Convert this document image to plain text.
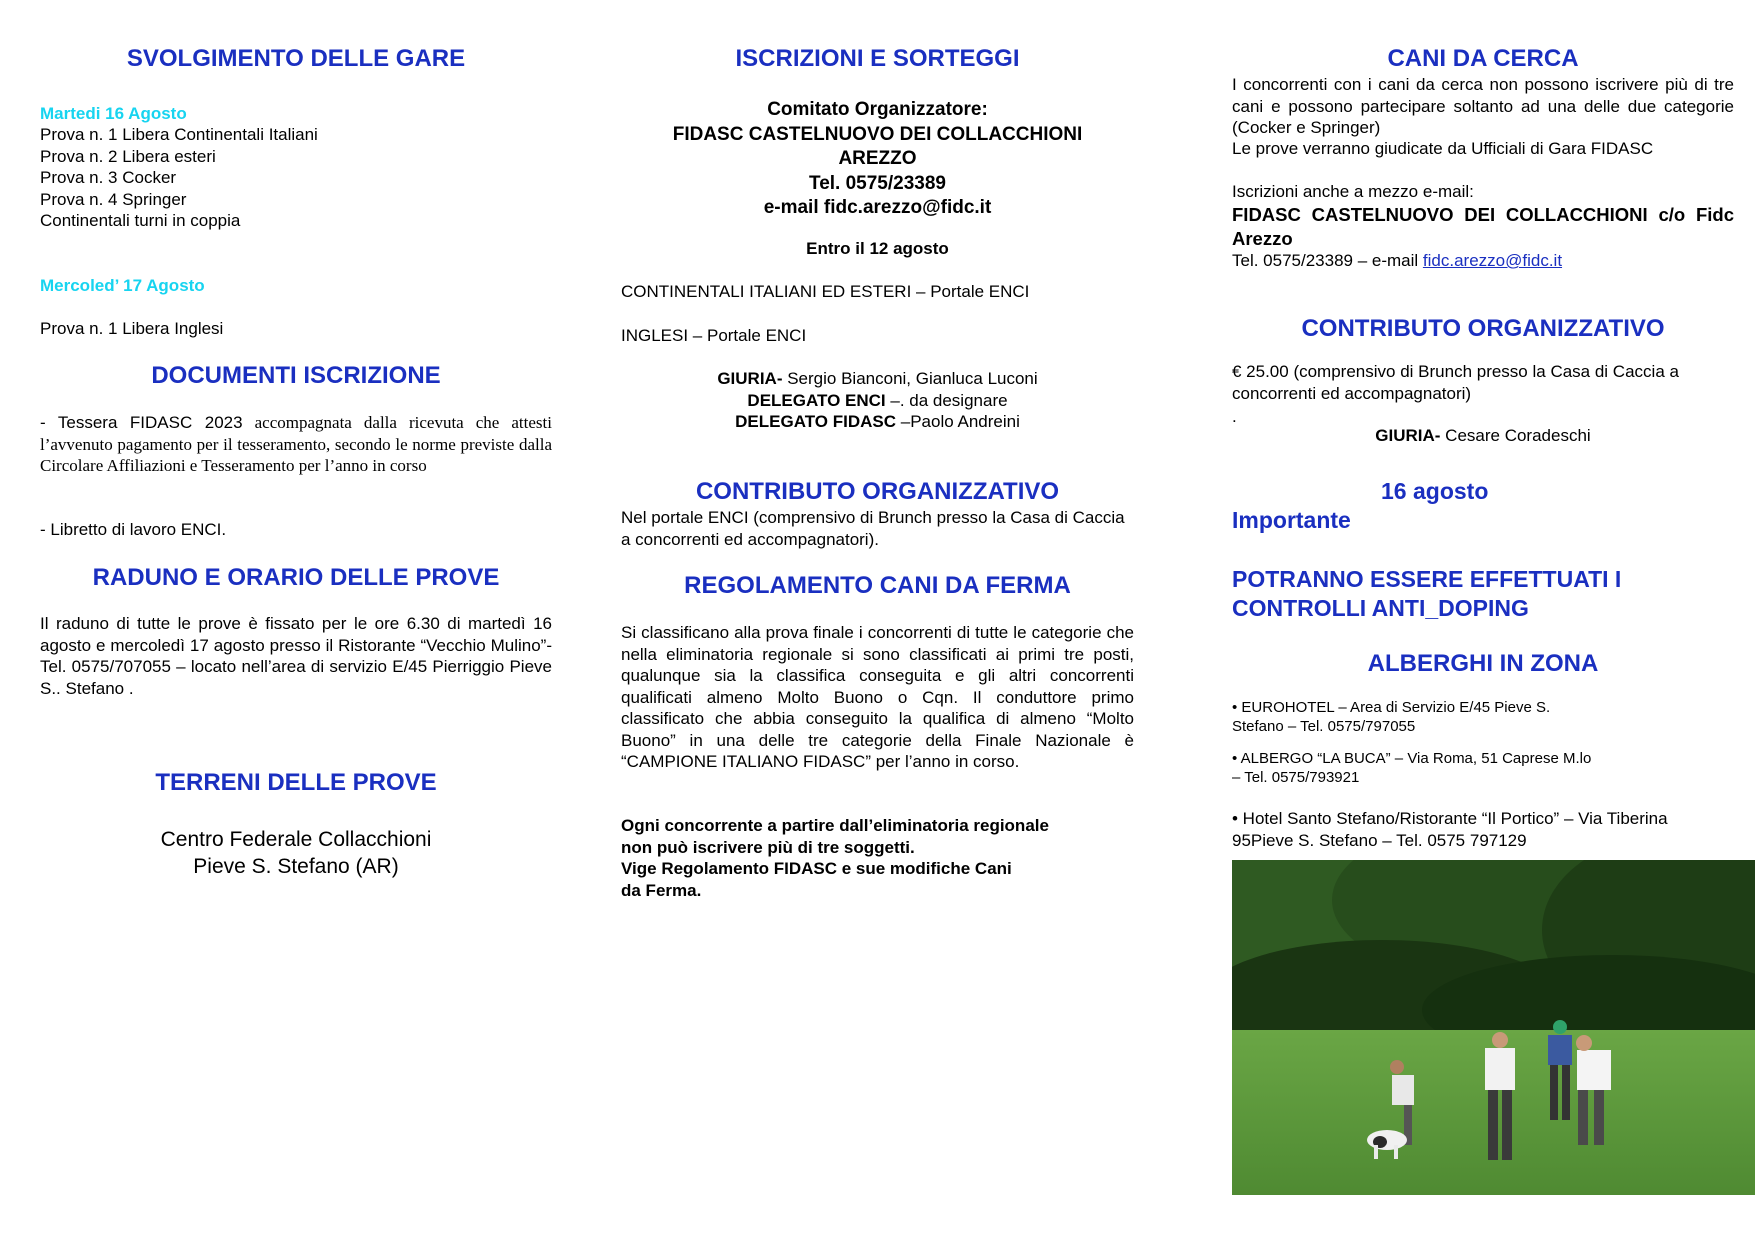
SVOLGIMENTO DELLE GARE
Martedi 16 Agosto
Prova n. 1 Libera Continentali Italiani
Prova n. 2 Libera esteri
Prova n. 3 Cocker
Prova n. 4 Springer
Continentali turni in coppia
Mercoled’ 17 Agosto
Prova n. 1 Libera Inglesi
DOCUMENTI ISCRIZIONE
- Tessera FIDASC 2023 accompagnata dalla ricevuta che attesti l’avvenuto pagamento per il tesseramento, secondo le norme previste dalla Circolare Affiliazioni e Tesseramento per l’anno in corso
- Libretto di lavoro ENCI.
RADUNO E ORARIO DELLE PROVE
Il raduno di tutte le prove è fissato per le ore 6.30 di martedì 16 agosto e mercoledì 17 agosto presso il Ristorante “Vecchio Mulino”- Tel. 0575/707055 – locato nell’area di servizio E/45 Pierriggio Pieve S.. Stefano .
TERRENI DELLE PROVE
Centro Federale Collacchioni
Pieve S. Stefano (AR)
ISCRIZIONI E SORTEGGI
Comitato Organizzatore:
FIDASC CASTELNUOVO DEI COLLACCHIONI
AREZZO
Tel. 0575/23389
e-mail fidc.arezzo@fidc.it
Entro il 12 agosto
CONTINENTALI ITALIANI ED ESTERI – Portale ENCI
INGLESI – Portale ENCI
GIURIA- Sergio Bianconi, Gianluca Luconi
DELEGATO ENCI –. da designare
DELEGATO FIDASC –Paolo Andreini
CONTRIBUTO ORGANIZZATIVO
Nel portale ENCI (comprensivo di Brunch presso la Casa di Caccia a concorrenti ed accompagnatori).
REGOLAMENTO CANI DA FERMA
Si classificano alla prova finale i concorrenti di tutte le categorie che nella eliminatoria regionale si sono classificati ai primi tre posti, qualunque sia la classifica conseguita e gli altri concorrenti qualificati almeno Molto Buono o Cqn. Il conduttore primo classificato che abbia conseguito la qualifica di almeno “Molto Buono” in una delle tre categorie della Finale Nazionale è “CAMPIONE ITALIANO FIDASC” per l’anno in corso.
Ogni concorrente a partire dall’eliminatoria regionale
non può iscrivere più di tre soggetti.
Vige Regolamento FIDASC e sue modifiche Cani
da Ferma.
CANI DA CERCA
I concorrenti con i cani da cerca non possono iscrivere più di tre cani e possono partecipare soltanto ad una delle due categorie (Cocker e Springer)
Le prove verranno giudicate da Ufficiali di Gara FIDASC
Iscrizioni anche a mezzo e-mail:
FIDASC CASTELNUOVO DEI COLLACCHIONI c/o Fidc Arezzo
Tel. 0575/23389 – e-mail fidc.arezzo@fidc.it
CONTRIBUTO ORGANIZZATIVO
€ 25.00 (comprensivo di Brunch presso la Casa di Caccia a concorrenti ed accompagnatori)
.
GIURIA- Cesare Coradeschi
16 agosto
Importante
POTRANNO ESSERE EFFETTUATI I
CONTROLLI ANTI_DOPING
ALBERGHI IN ZONA
• EUROHOTEL – Area di Servizio E/45 Pieve S.
Stefano – Tel. 0575/797055
• ALBERGO “LA BUCA” – Via Roma, 51 Caprese M.lo
– Tel. 0575/793921
• Hotel Santo Stefano/Ristorante “Il Portico” – Via Tiberina
95Pieve S. Stefano – Tel. 0575 797129
